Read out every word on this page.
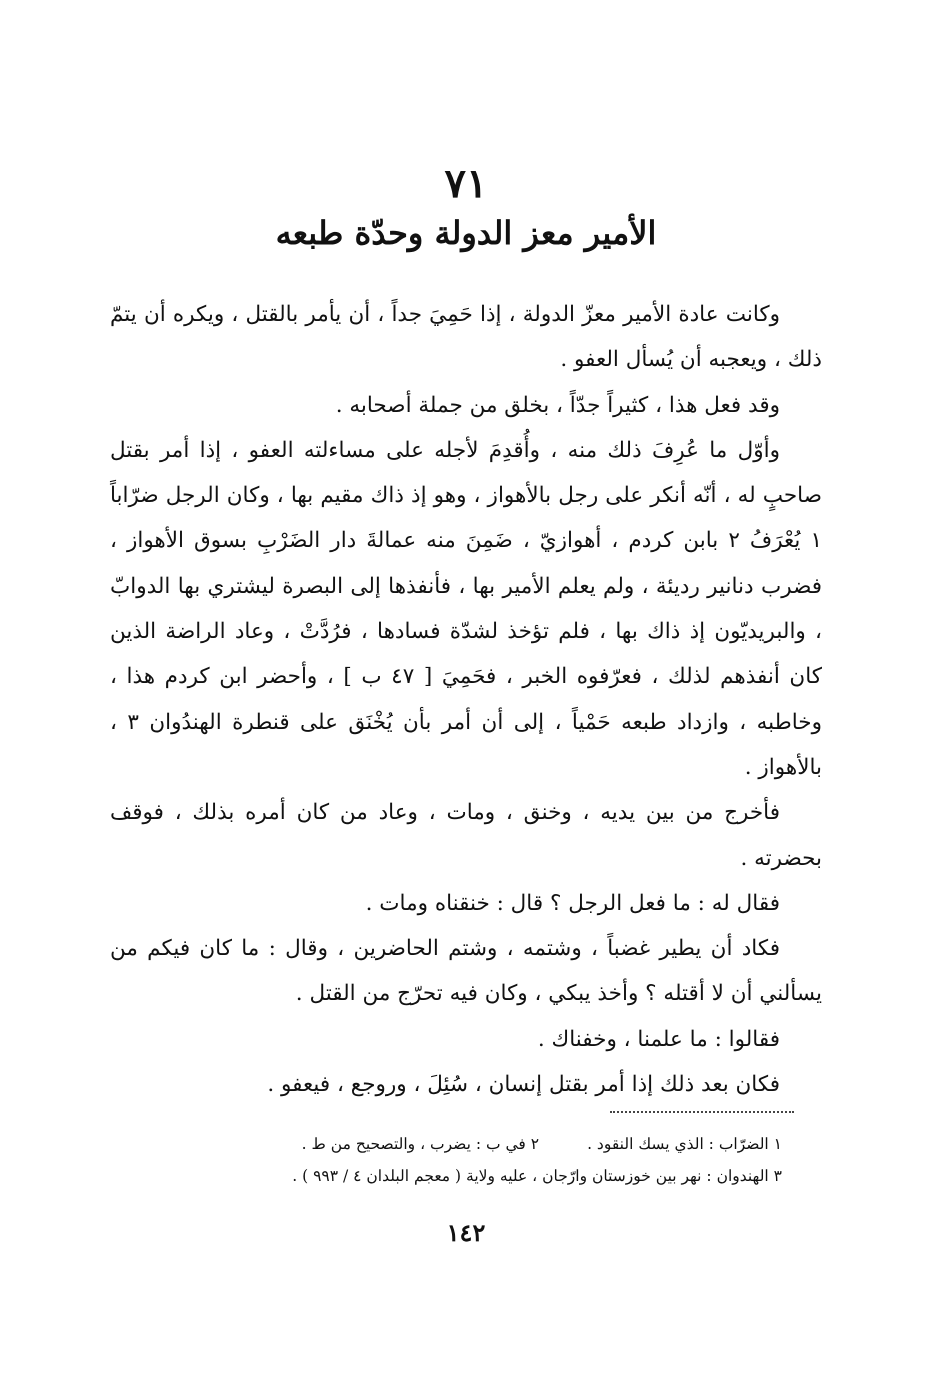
٧١
الأمير معز الدولة وحدّة طبعه

وكانت عادة الأمير معزّ الدولة ، إذا حَمِيَ جداً ، أن يأمر بالقتل ، ويكره أن يتمّ ذلك ، ويعجبه أن يُسأل العفو .

وقد فعل هذا ، كثيراً جدّاً ، بخلق من جملة أصحابه .

وأوّل ما عُرِفَ ذلك منه ، وأُقدِمَ لأجله على مساءلته العفو ، إذا أمر بقتل صاحبٍ له ، أنّه أنكر على رجل بالأهواز ، وهو إذ ذاك مقيم بها ، وكان الرجل ضرّاباً ١ يُعْرَفُ ٢ بابن كردم ، أهوازيّ ، ضَمِنَ منه عمالةَ دار الضَرْبِ بسوق الأهواز ، فضرب دنانير رديئة ، ولم يعلم الأمير بها ، فأنفذها إلى البصرة ليشتري بها الدوابّ ، والبريديّون إذ ذاك بها ، فلم تؤخذ لشدّة فسادها ، فرُدَّتْ ، وعاد الراضة الذين كان أنفذهم لذلك ، فعرّفوه الخبر ، فحَمِيَ [ ٤٧ ب ] ، وأحضر ابن كردم هذا ، وخاطبه ، وازداد طبعه حَمْياً ، إلى أن أمر بأن يُخْنَق على قنطرة الهندُوان ٣ ، بالأهواز .

فأخرج من بين يديه ، وخنق ، ومات ، وعاد من كان أمره بذلك ، فوقف بحضرته .

فقال له : ما فعل الرجل ؟ قال : خنقناه ومات .

فكاد أن يطير غضباً ، وشتمه ، وشتم الحاضرين ، وقال : ما كان فيكم من يسألني أن لا أقتله ؟ وأخذ يبكي ، وكان فيه تحرّج من القتل .

فقالوا : ما علمنا ، وخفناك .

فكان بعد ذلك إذا أمر بقتل إنسان ، سُئِلَ ، وروجع ، فيعفو .

١ الضرّاب : الذي يسك النقود .٢ في ب : يضرب ، والتصحيح من ط .
٣ الهندوان : نهر بين خوزستان وارّجان ، عليه ولاية ( معجم البلدان ٤ / ٩٩٣ ) .
١٤٢
